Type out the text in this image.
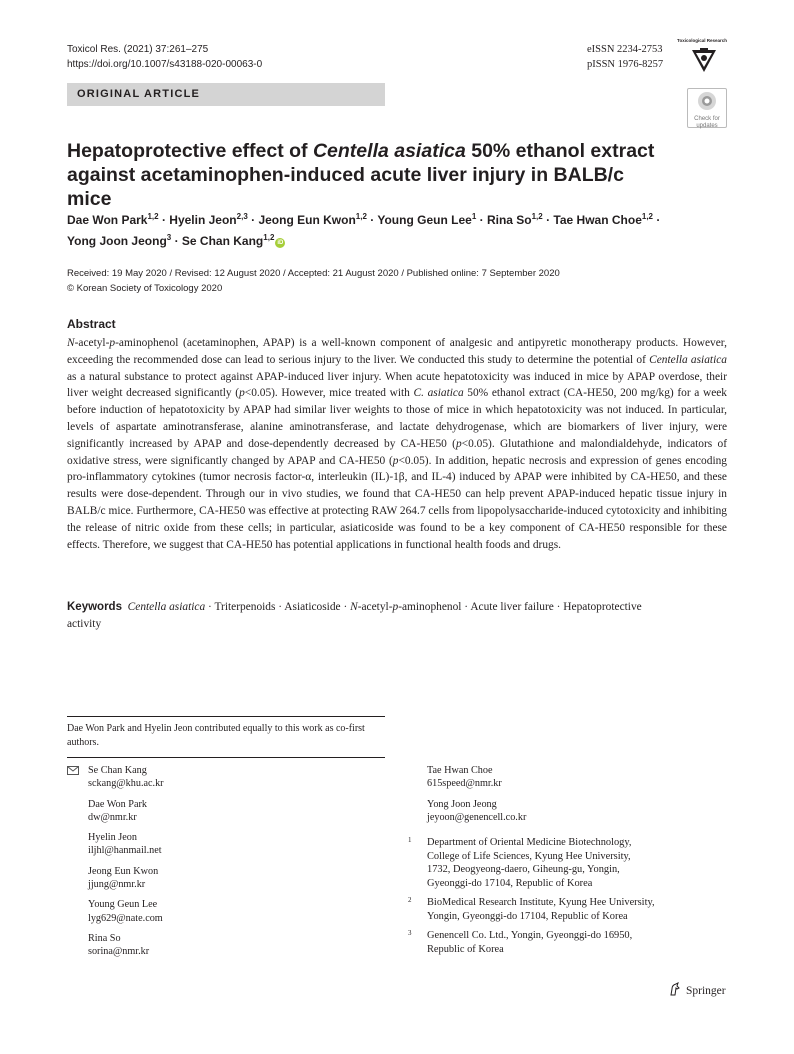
Toxicol Res. (2021) 37:261–275
https://doi.org/10.1007/s43188-020-00063-0
eISSN 2234-2753
pISSN 1976-8257
Toxicological Research
ORIGINAL ARTICLE
Check for
updates
Hepatoprotective effect of Centella asiatica 50% ethanol extract against acetaminophen-induced acute liver injury in BALB/c mice
Dae Won Park$^{1,2}$ · Hyelin Jeon$^{2,3}$ · Jeong Eun Kwon$^{1,2}$ · Young Geun Lee$^1$ · Rina So$^{1,2}$ · Tae Hwan Choe$^{1,2}$ ·
Yong Joon Jeong$^3$ · Se Chan Kang$^{1,2}$iD
Received: 19 May 2020 / Revised: 12 August 2020 / Accepted: 21 August 2020 / Published online: 7 September 2020
© Korean Society of Toxicology 2020
Abstract
N-acetyl-p-aminophenol (acetaminophen, APAP) is a well-known component of analgesic and antipyretic monotherapy products. However, exceeding the recommended dose can lead to serious injury to the liver. We conducted this study to determine the potential of Centella asiatica as a natural substance to protect against APAP-induced liver injury. When acute hepatotoxicity was induced in mice by APAP overdose, their liver weight decreased significantly (p<0.05). However, mice treated with C. asiatica 50% ethanol extract (CA-HE50, 200 mg/kg) for a week before induction of hepatotoxicity by APAP had similar liver weights to those of mice in which hepatotoxicity was not induced. In particular, levels of aspartate aminotransferase, alanine aminotransferase, and lactate dehydrogenase, which are biomarkers of liver injury, were significantly increased by APAP and dose-dependently decreased by CA-HE50 (p<0.05). Glutathione and malondialdehyde, indicators of oxidative stress, were significantly changed by APAP and CA-HE50 (p<0.05). In addition, hepatic necrosis and expression of genes encoding pro-inflammatory cytokines (tumor necrosis factor-α, interleukin (IL)-1β, and IL-4) induced by APAP were inhibited by CA-HE50, and these results were dose-dependent. Through our in vivo studies, we found that CA-HE50 can help prevent APAP-induced hepatic tissue injury in BALB/c mice. Furthermore, CA-HE50 was effective at protecting RAW 264.7 cells from lipopolysaccharide-induced cytotoxicity and inhibiting the release of nitric oxide from these cells; in particular, asiaticoside was found to be a key component of CA-HE50 responsible for these effects. Therefore, we suggest that CA-HE50 has potential applications in functional health foods and drugs.
Keywords Centella asiatica · Triterpenoids · Asiaticoside · N-acetyl-p-aminophenol · Acute liver failure · Hepatoprotective
activity
Dae Won Park and Hyelin Jeon contributed equally to this work as co-first authors.
Se Chan Kang
sckang@khu.ac.kr
Dae Won Park
dw@nmr.kr
Hyelin Jeon
iljhl@hanmail.net
Jeong Eun Kwon
jjung@nmr.kr
Young Geun Lee
lyg629@nate.com
Rina So
sorina@nmr.kr
Tae Hwan Choe
615speed@nmr.kr
Yong Joon Jeong
jeyoon@genencell.co.kr
1 Department of Oriental Medicine Biotechnology,
College of Life Sciences, Kyung Hee University,
1732, Deogyeong-daero, Giheung-gu, Yongin,
Gyeonggi-do 17104, Republic of Korea
2 BioMedical Research Institute, Kyung Hee University,
Yongin, Gyeonggi-do 17104, Republic of Korea
3 Genencell Co. Ltd., Yongin, Gyeonggi-do 16950,
Republic of Korea
Springer
